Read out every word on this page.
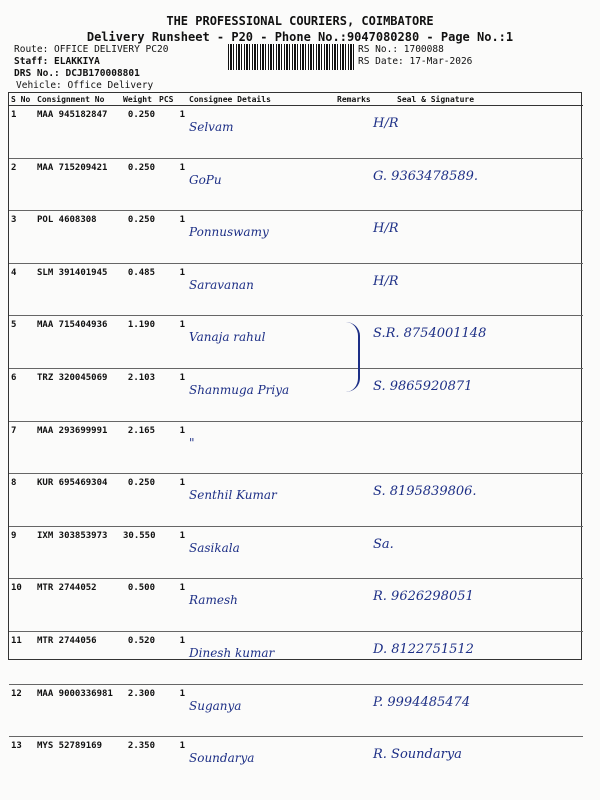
THE PROFESSIONAL COURIERS, COIMBATORE
Delivery Runsheet - P20 - Phone No.:9047080280 - Page No.:1
Route: OFFICE DELIVERY PC20
Staff: ELAKKIYA
DRS No.: DCJB170008801
Vehicle: Office Delivery
RS No.: 1700088
RS Date: 17-Mar-2026
S No	Consignment No	Weight	PCS	Consignee Details	Remarks	Seal & Signature
1	MAA 945182847	0.250	1	Selvam		H/R
2	MAA 715209421	0.250	1	GoPu		G. 9363478589.
3	POL 4608308	0.250	1	Ponnuswamy		H/R
4	SLM 391401945	0.485	1	Saravanan		H/R
5	MAA 715404936	1.190	1	Vanaja rahul		S.R. 8754001148
6	TRZ 320045069	2.103	1	Shanmuga Priya		S. 9865920871
7	MAA 293699991	2.165	1	"		
8	KUR 695469304	0.250	1	Senthil Kumar		S. 8195839806.
9	IXM 303853973	30.550	1	Sasikala		Sa.
10	MTR 2744052	0.500	1	Ramesh		R. 9626298051
11	MTR 2744056	0.520	1	Dinesh kumar		D. 8122751512
12	MAA 9000336981	2.300	1	Suganya		P. 9994485474
13	MYS 52789169	2.350	1	Soundarya		R. Soundarya
